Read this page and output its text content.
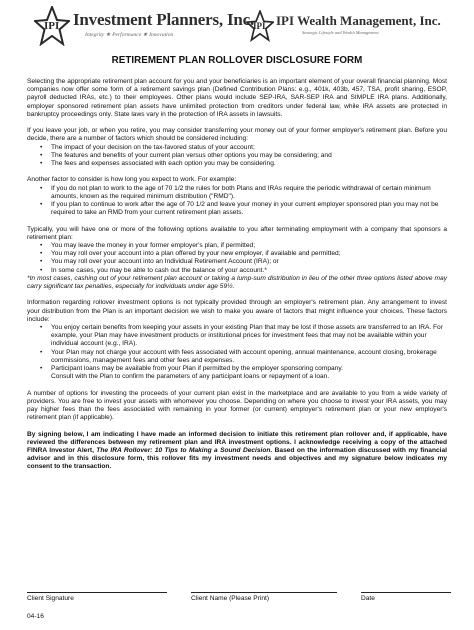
IPI Investment Planners, Inc.
Integrity ★ Performance ★ Innovation
IPI IPI Wealth Management, Inc.
Strategic Lifestyle and Wealth Management
RETIREMENT PLAN ROLLOVER DISCLOSURE FORM

Selecting the appropriate retirement plan account for you and your beneficiaries is an important element of your overall financial planning. Most companies now offer some form of a retirement savings plan (Defined Contribution Plans: e.g., 401k, 403b, 457, TSA, profit sharing, ESOP, payroll deducted IRAs, etc.) to their employees. Other plans would include SEP-IRA, SAR-SEP IRA and SIMPLE IRA plans. Additionally, employer sponsored retirement plan assets have unlimited protection from creditors under federal law, while IRA assets are protected in bankruptcy proceedings only. State laws vary in the protection of IRA assets in lawsuits.

If you leave your job, or when you retire, you may consider transferring your money out of your former employer's retirement plan. Before you decide, there are a number of factors which should be considered including:

• The impact of your decision on the tax-favored status of your account;
• The features and benefits of your current plan versus other options you may be considering; and
• The fees and expenses associated with each option you may be considering.

Another factor to consider is how long you expect to work. For example:

• If you do not plan to work to the age of 70 1/2 the rules for both Plans and IRAs require the periodic withdrawal of certain minimum amounts, known as the required minimum distribution ("RMD").
• If you plan to continue to work after the age of 70 1/2 and leave your money in your current employer sponsored plan you may not be required to take an RMD from your current retirement plan assets.

Typically, you will have one or more of the following options available to you after terminating employment with a company that sponsors a retirement plan:

• You may leave the money in your former employer's plan, if permitted;
• You may roll over your account into a plan offered by your new employer, if available and permitted;
• You may roll over your account into an Individual Retirement Account (IRA); or
• In some cases, you may be able to cash out the balance of your account.*

*In most cases, cashing out of your retirement plan account or taking a lump-sum distribution in lieu of the other three options listed above may carry significant tax penalties, especially for individuals under age 59½.

Information regarding rollover investment options is not typically provided through an employer's retirement plan. Any arrangement to invest your distribution from the Plan is an important decision we wish to make you aware of factors that might influence your choices. These factors include:

• You enjoy certain benefits from keeping your assets in your existing Plan that may be lost if those assets are transferred to an IRA. For example, your Plan may have investment products or institutional prices for investment fees that may not be available within your individual account (e.g., IRA).
• Your Plan may not charge your account with fees associated with account opening, annual maintenance, account closing, brokerage commissions, management fees and other fees and expenses.
• Participant loans may be available from your Plan if permitted by the employer sponsoring company.

Consult with the Plan to confirm the parameters of any participant loans or repayment of a loan.

A number of options for investing the proceeds of your current plan exist in the marketplace and are available to you from a wide variety of providers. You are free to invest your assets with whomever you choose. Depending on where you choose to invest your IRA assets, you may pay higher fees than the fees associated with remaining in your former (or current) employer's retirement plan or your new employer's retirement plan (if applicable).

By signing below, I am indicating I have made an informed decision to initiate this retirement plan rollover and, if applicable, have reviewed the differences between my retirement plan and IRA investment options. I acknowledge receiving a copy of the attached FINRA Investor Alert, The IRA Rollover: 10 Tips to Making a Sound Decision. Based on the information discussed with my financial advisor and in this disclosure form, this rollover fits my investment needs and objectives and my signature below indicates my consent to the transaction.

Client Signature	Client Name (Please Print)	Date
04-16
